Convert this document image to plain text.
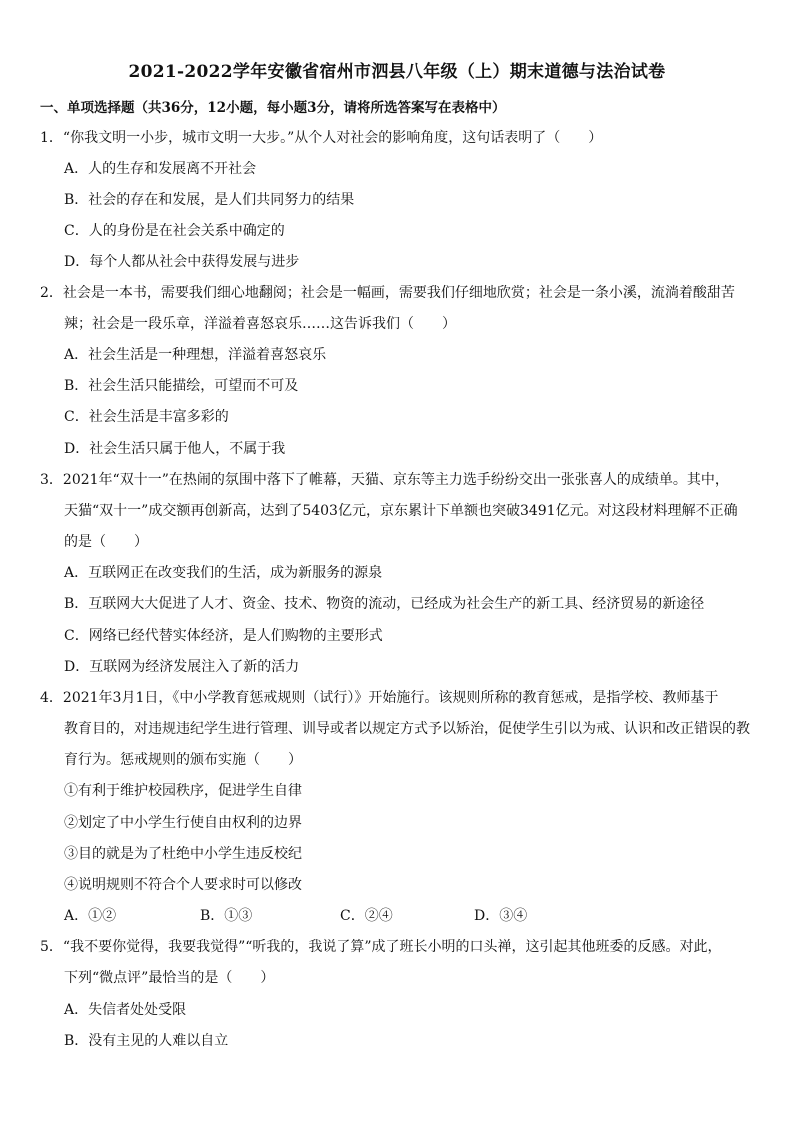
2021-2022学年安徽省宿州市泗县八年级（上）期末道德与法治试卷
一、单项选择题（共36分，12小题，每小题3分，请将所选答案写在表格中）
1．“你我文明一小步，城市文明一大步。”从个人对社会的影响角度，这句话表明了（　　）
A．人的生存和发展离不开社会
B．社会的存在和发展，是人们共同努力的结果
C．人的身份是在社会关系中确定的
D．每个人都从社会中获得发展与进步
2．社会是一本书，需要我们细心地翻阅；社会是一幅画，需要我们仔细地欣赏；社会是一条小溪，流淌着酸甜苦
辣；社会是一段乐章，洋溢着喜怒哀乐……这告诉我们（　　）
A．社会生活是一种理想，洋溢着喜怒哀乐
B．社会生活只能描绘，可望而不可及
C．社会生活是丰富多彩的
D．社会生活只属于他人，不属于我
3．2021年“双十一”在热闹的氛围中落下了帷幕，天猫、京东等主力选手纷纷交出一张张喜人的成绩单。其中，
天猫“双十一”成交额再创新高，达到了5403亿元，京东累计下单额也突破3491亿元。对这段材料理解不正确
的是（　　）
A．互联网正在改变我们的生活，成为新服务的源泉
B．互联网大大促进了人才、资金、技术、物资的流动，已经成为社会生产的新工具、经济贸易的新途径
C．网络已经代替实体经济，是人们购物的主要形式
D．互联网为经济发展注入了新的活力
4．2021年3月1日，《中小学教育惩戒规则（试行）》开始施行。该规则所称的教育惩戒，是指学校、教师基于
教育目的，对违规违纪学生进行管理、训导或者以规定方式予以矫治，促使学生引以为戒、认识和改正错误的教
育行为。惩戒规则的颁布实施（　　）
①有利于维护校园秩序，促进学生自律
②划定了中小学生行使自由权利的边界
③目的就是为了杜绝中小学生违反校纪
④说明规则不符合个人要求时可以修改
A．①②	B．①③	C．②④	D．③④
5．“我不要你觉得，我要我觉得”“听我的，我说了算”成了班长小明的口头禅，这引起其他班委的反感。对此，
下列“微点评”最恰当的是（　　）
A．失信者处处受限
B．没有主见的人难以自立
